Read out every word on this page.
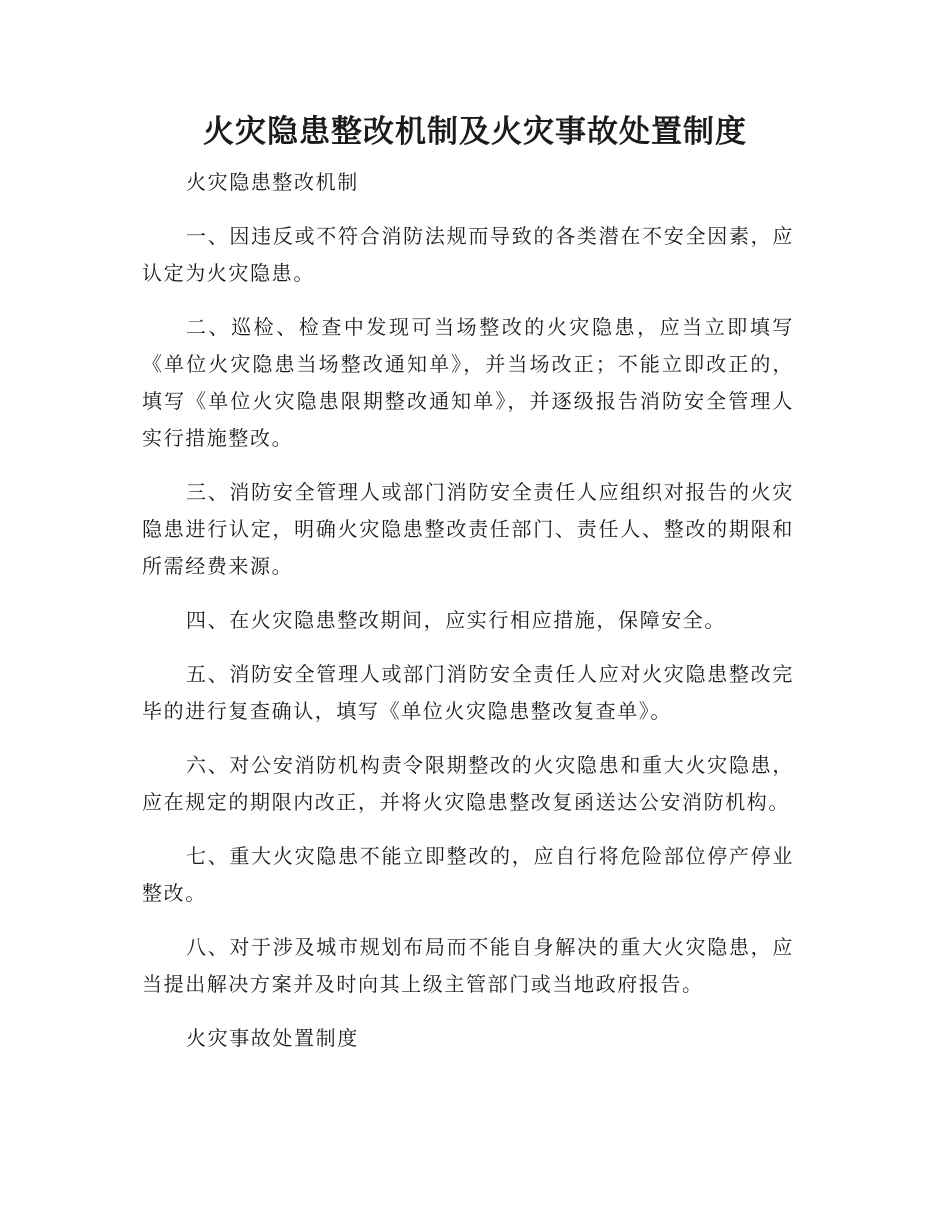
火灾隐患整改机制及火灾事故处置制度

火灾隐患整改机制

一、因违反或不符合消防法规而导致的各类潜在不安全因素，应认定为火灾隐患。

二、巡检、检查中发现可当场整改的火灾隐患，应当立即填写《单位火灾隐患当场整改通知单》，并当场改正；不能立即改正的，填写《单位火灾隐患限期整改通知单》，并逐级报告消防安全管理人实行措施整改。

三、消防安全管理人或部门消防安全责任人应组织对报告的火灾隐患进行认定，明确火灾隐患整改责任部门、责任人、整改的期限和所需经费来源。

四、在火灾隐患整改期间，应实行相应措施，保障安全。

五、消防安全管理人或部门消防安全责任人应对火灾隐患整改完毕的进行复查确认，填写《单位火灾隐患整改复查单》。

六、对公安消防机构责令限期整改的火灾隐患和重大火灾隐患，应在规定的期限内改正，并将火灾隐患整改复函送达公安消防机构。

七、重大火灾隐患不能立即整改的，应自行将危险部位停产停业整改。

八、对于涉及城市规划布局而不能自身解决的重大火灾隐患，应当提出解决方案并及时向其上级主管部门或当地政府报告。

火灾事故处置制度
